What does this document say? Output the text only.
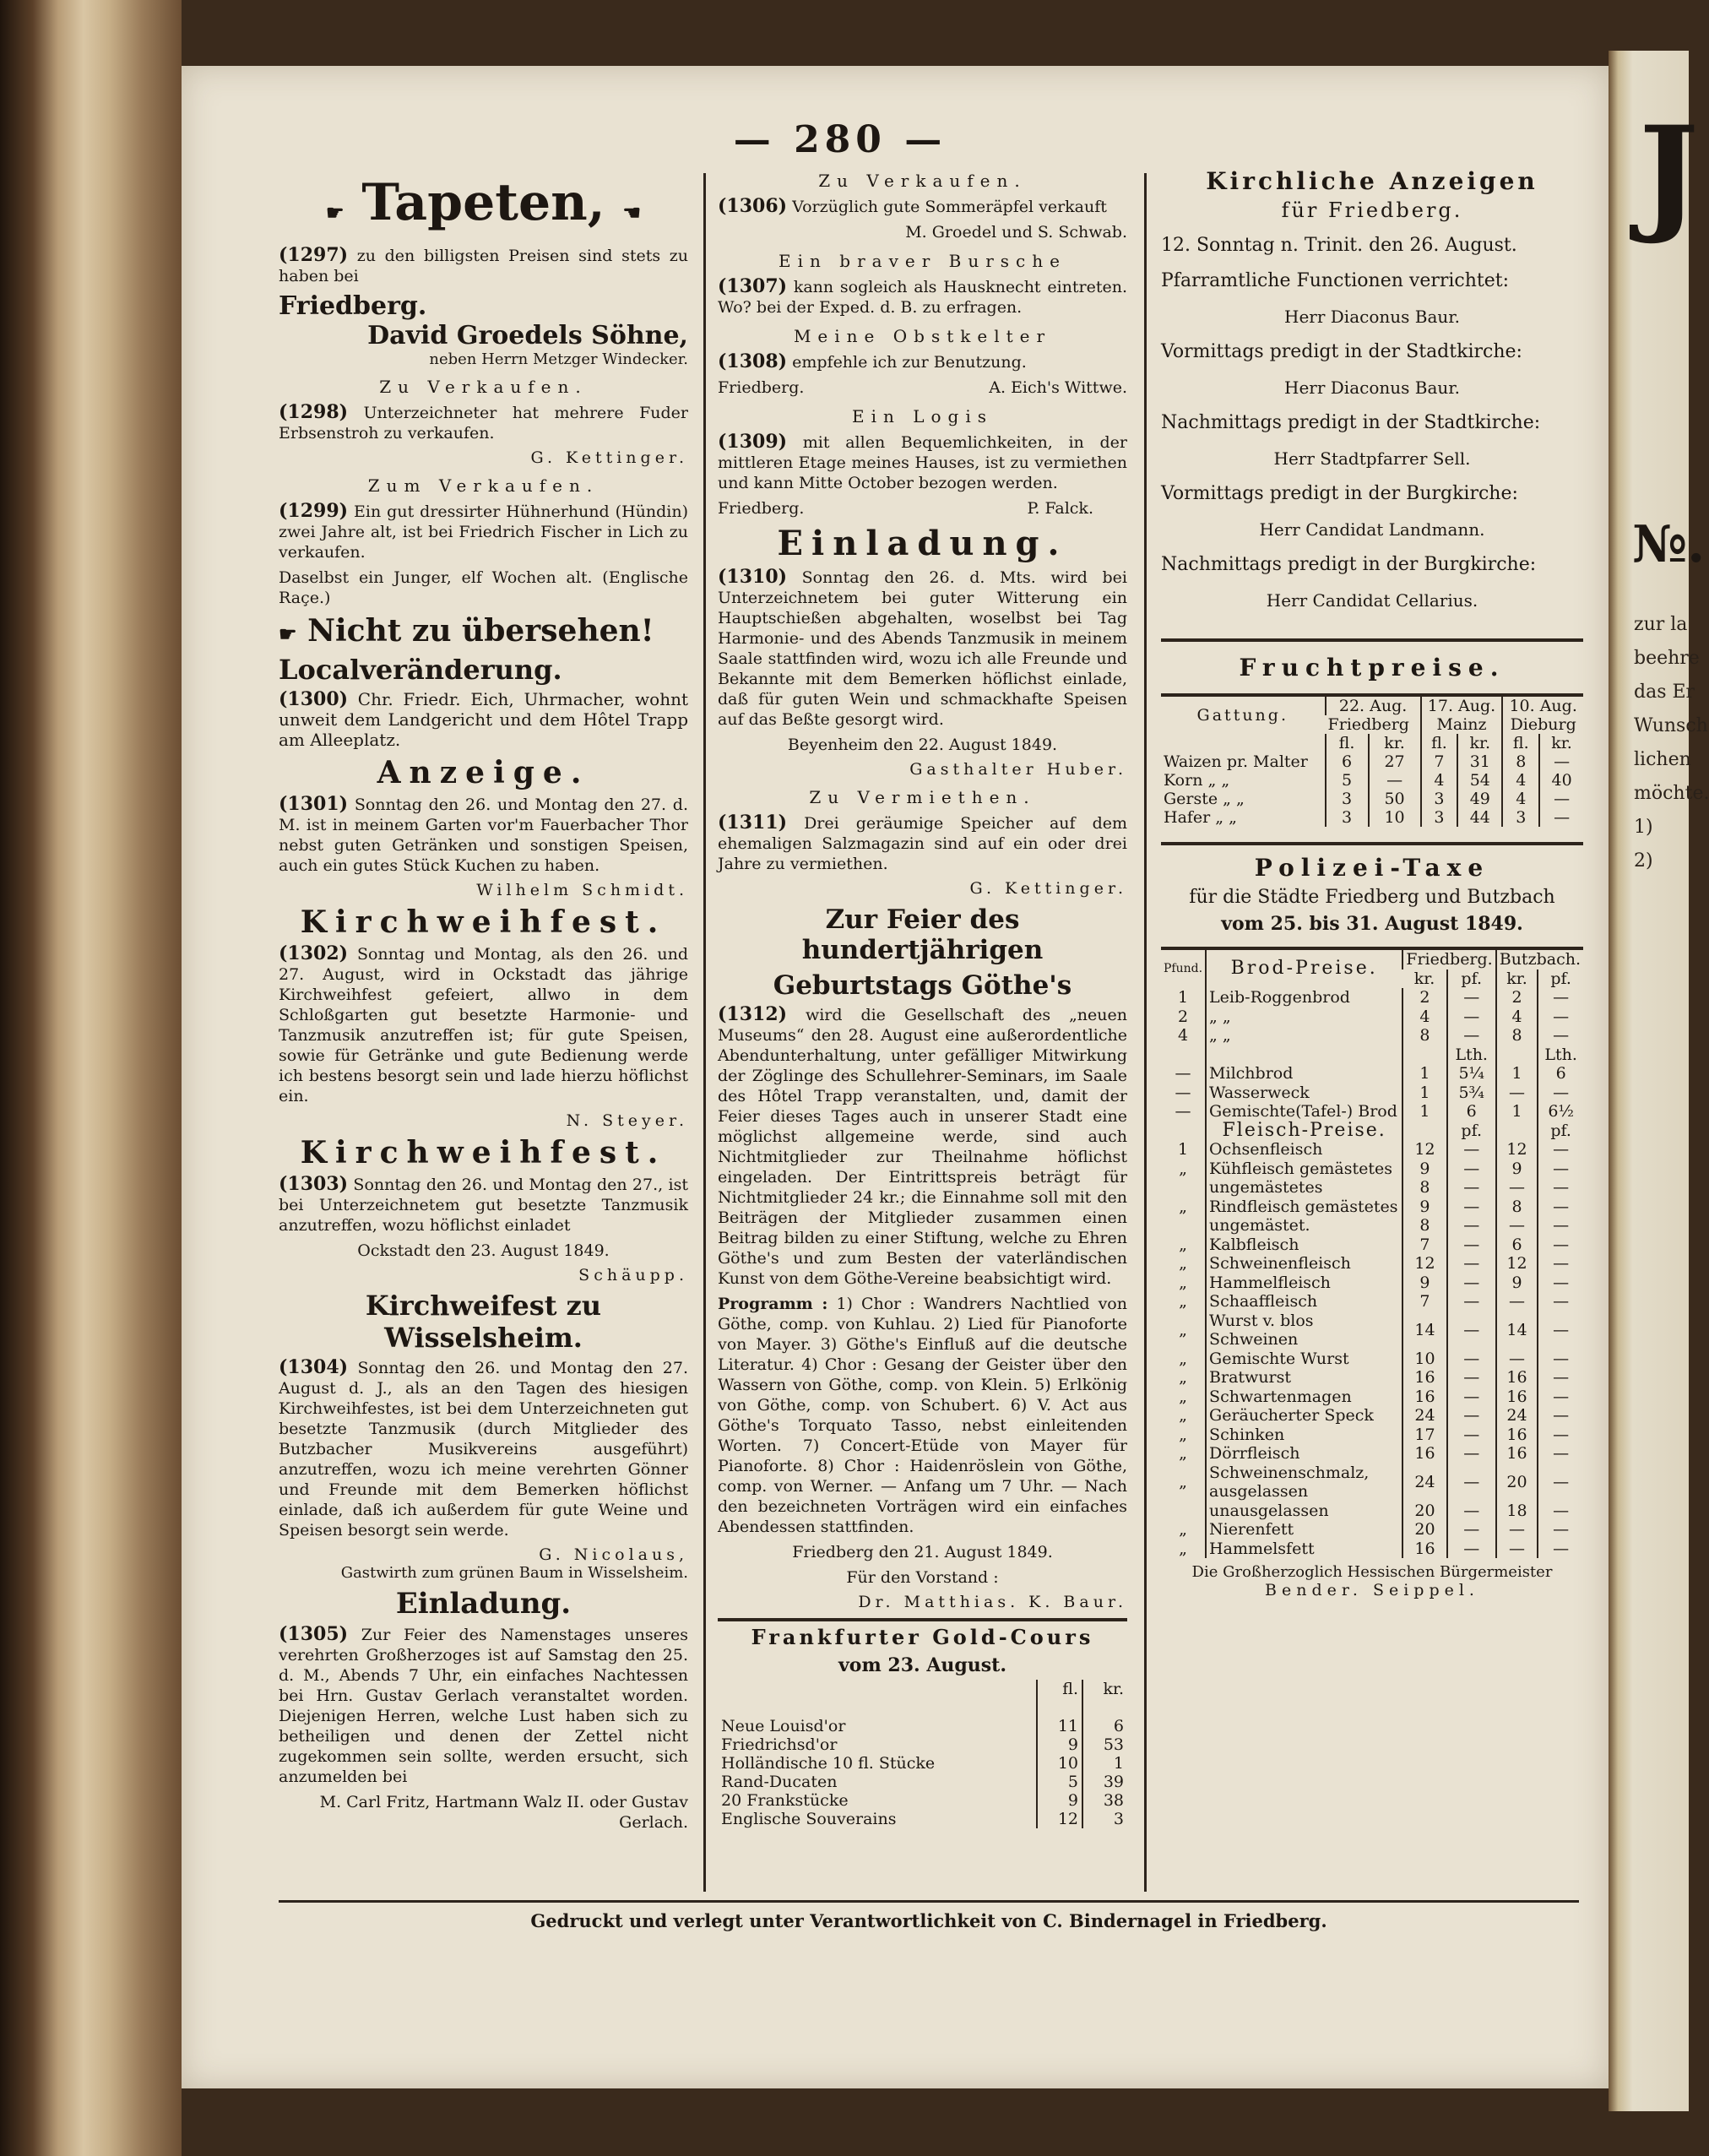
J
№.
zur la
beehre
das Er
Wunsch
lichen
möchte.
1)
2)
— 280 —
☛ Tapeten, ☚

(1297) zu den billigsten Preisen sind stets zu haben bei

Friedberg.

David Groedels Söhne,

neben Herrn Metzger Windecker.

Zu Verkaufen.

(1298) Unterzeichneter hat mehrere Fuder Erbsenstroh zu verkaufen.

G. Kettinger.

Zum Verkaufen.

(1299) Ein gut dressirter Hühnerhund (Hündin) zwei Jahre alt, ist bei Friedrich Fischer in Lich zu verkaufen.

Daselbst ein Junger, elf Wochen alt. (Englische Raçe.)

☛ Nicht zu übersehen!

Localveränderung.

(1300) Chr. Friedr. Eich, Uhrmacher, wohnt unweit dem Landgericht und dem Hôtel Trapp am Alleeplatz.

Anzeige.

(1301) Sonntag den 26. und Montag den 27. d. M. ist in meinem Garten vor'm Fauerbacher Thor nebst guten Getränken und sonstigen Speisen, auch ein gutes Stück Kuchen zu haben.

Wilhelm Schmidt.

Kirchweihfest.

(1302) Sonntag und Montag, als den 26. und 27. August, wird in Ockstadt das jährige Kirchweihfest gefeiert, allwo in dem Schloßgarten gut besetzte Harmonie- und Tanzmusik anzutreffen ist; für gute Speisen, sowie für Getränke und gute Bedienung werde ich bestens besorgt sein und lade hierzu höflichst ein.

N. Steyer.

Kirchweihfest.

(1303) Sonntag den 26. und Montag den 27., ist bei Unterzeichnetem gut besetzte Tanzmusik anzutreffen, wozu höflichst einladet

Ockstadt den 23. August 1849.

Schäupp.

Kirchweifest zu Wisselsheim.

(1304) Sonntag den 26. und Montag den 27. August d. J., als an den Tagen des hiesigen Kirchweihfestes, ist bei dem Unterzeichneten gut besetzte Tanzmusik (durch Mitglieder des Butzbacher Musikvereins ausgeführt) anzutreffen, wozu ich meine verehrten Gönner und Freunde mit dem Bemerken höflichst einlade, daß ich außerdem für gute Weine und Speisen besorgt sein werde.

G. Nicolaus,

Gastwirth zum grünen Baum in Wisselsheim.

Einladung.

(1305) Zur Feier des Namenstages unseres verehrten Großherzoges ist auf Samstag den 25. d. M., Abends 7 Uhr, ein einfaches Nachtessen bei Hrn. Gustav Gerlach veranstaltet worden. Diejenigen Herren, welche Lust haben sich zu betheiligen und denen der Zettel nicht zugekommen sein sollte, werden ersucht, sich anzumelden bei

M. Carl Fritz, Hartmann Walz II. oder Gustav Gerlach.

Zu Verkaufen.

(1306) Vorzüglich gute Sommeräpfel verkauft

M. Groedel und S. Schwab.

Ein braver Bursche

(1307) kann sogleich als Hausknecht eintreten. Wo? bei der Exped. d. B. zu erfragen.

Meine Obstkelter

(1308) empfehle ich zur Benutzung.

Friedberg.	A. Eich's Wittwe.

Ein Logis

(1309) mit allen Bequemlichkeiten, in der mittleren Etage meines Hauses, ist zu vermiethen und kann Mitte October bezogen werden.

Friedberg.	P. Falck.

Einladung.

(1310) Sonntag den 26. d. Mts. wird bei Unterzeichnetem bei guter Witterung ein Hauptschießen abgehalten, woselbst bei Tag Harmonie- und des Abends Tanzmusik in meinem Saale stattfinden wird, wozu ich alle Freunde und Bekannte mit dem Bemerken höflichst einlade, daß für guten Wein und schmackhafte Speisen auf das Beßte gesorgt wird.

Beyenheim den 22. August 1849.

Gasthalter Huber.

Zu Vermiethen.

(1311) Drei geräumige Speicher auf dem ehemaligen Salzmagazin sind auf ein oder drei Jahre zu vermiethen.

G. Kettinger.

Zur Feier des hundertjährigen

Geburtstags Göthe's

(1312) wird die Gesellschaft des „neuen Museums“ den 28. August eine außerordentliche Abendunterhaltung, unter gefälliger Mitwirkung der Zöglinge des Schullehrer-Seminars, im Saale des Hôtel Trapp veranstalten, und, damit der Feier dieses Tages auch in unserer Stadt eine möglichst allgemeine werde, sind auch Nichtmitglieder zur Theilnahme höflichst eingeladen. Der Eintrittspreis beträgt für Nichtmitglieder 24 kr.; die Einnahme soll mit den Beiträgen der Mitglieder zusammen einen Beitrag bilden zu einer Stiftung, welche zu Ehren Göthe's und zum Besten der vaterländischen Kunst von dem Göthe-Vereine beabsichtigt wird.

Programm : 1) Chor : Wandrers Nachtlied von Göthe, comp. von Kuhlau. 2) Lied für Pianoforte von Mayer. 3) Göthe's Einfluß auf die deutsche Literatur. 4) Chor : Gesang der Geister über den Wassern von Göthe, comp. von Klein. 5) Erlkönig von Göthe, comp. von Schubert. 6) V. Act aus Göthe's Torquato Tasso, nebst einleitenden Worten. 7) Concert-Etüde von Mayer für Pianoforte. 8) Chor : Haidenröslein von Göthe, comp. von Werner. — Anfang um 7 Uhr. — Nach den bezeichneten Vorträgen wird ein einfaches Abendessen stattfinden.

Friedberg den 21. August 1849.

Für den Vorstand :

Dr. Matthias. K. Baur.

Frankfurter Gold-Cours

vom 23. August.

	fl.	kr.

Neue Louisd'or	11	6
Friedrichsd'or	9	53
Holländische 10 fl. Stücke	10	1
Rand-Ducaten	5	39
20 Frankstücke	9	38
Englische Souverains	12	3

Kirchliche Anzeigen

für Friedberg.

12. Sonntag n. Trinit. den 26. August.

Pfarramtliche Functionen verrichtet:

Herr Diaconus Baur.

Vormittags predigt in der Stadtkirche:

Herr Diaconus Baur.

Nachmittags predigt in der Stadtkirche:

Herr Stadtpfarrer Sell.

Vormittags predigt in der Burgkirche:

Herr Candidat Landmann.

Nachmittags predigt in der Burgkirche:

Herr Candidat Cellarius.

Fruchtpreise.

Gattung.	22. Aug.		17. Aug.		10. Aug.	
	Friedberg		Mainz		Dieburg	
	fl.	kr.	fl.	kr.	fl.	kr.
Waizen pr. Malter	6	27	7	31	8	—
Korn „ „	5	—	4	54	4	40
Gerste „ „	3	50	3	49	4	—
Hafer „ „	3	10	3	44	3	—

Polizei-Taxe

für die Städte Friedberg und Butzbach

vom 25. bis 31. August 1849.

Pfund.	Brod-Preise.	Friedberg.		Butzbach.	
		kr.	pf.	kr.	pf.
1	Leib-Roggenbrod	2	—	2	—
2	„ „	4	—	4	—
4	„ „	8	—	8	—
			Lth.		Lth.
—	Milchbrod	1	5¼	1	6
—	Wasserweck	1	5¾	—	—
—	Gemischte(Tafel-) Brod	1	6	1	6½
	Fleisch-Preise.		pf.		pf.
1	Ochsenfleisch	12	—	12	—
„	Kühfleisch gemästetes	9	—	9	—
	ungemästetes	8	—	—	—
„	Rindfleisch gemästetes	9	—	8	—
	ungemästet.	8	—	—	—
„	Kalbfleisch	7	—	6	—
„	Schweinenfleisch	12	—	12	—
„	Hammelfleisch	9	—	9	—
„	Schaaffleisch	7	—	—	—
„	Wurst v. blos Schweinen	14	—	14	—
„	Gemischte Wurst	10	—	—	—
„	Bratwurst	16	—	16	—
„	Schwartenmagen	16	—	16	—
„	Geräucherter Speck	24	—	24	—
„	Schinken	17	—	16	—
„	Dörrfleisch	16	—	16	—
„	Schweinenschmalz, ausgelassen	24	—	20	—
	unausgelassen	20	—	18	—
„	Nierenfett	20	—	—	—
„	Hammelsfett	16	—	—	—

Die Großherzoglich Hessischen Bürgermeister

Bender. Seippel.

Gedruckt und verlegt unter Verantwortlichkeit von C. Bindernagel in Friedberg.
